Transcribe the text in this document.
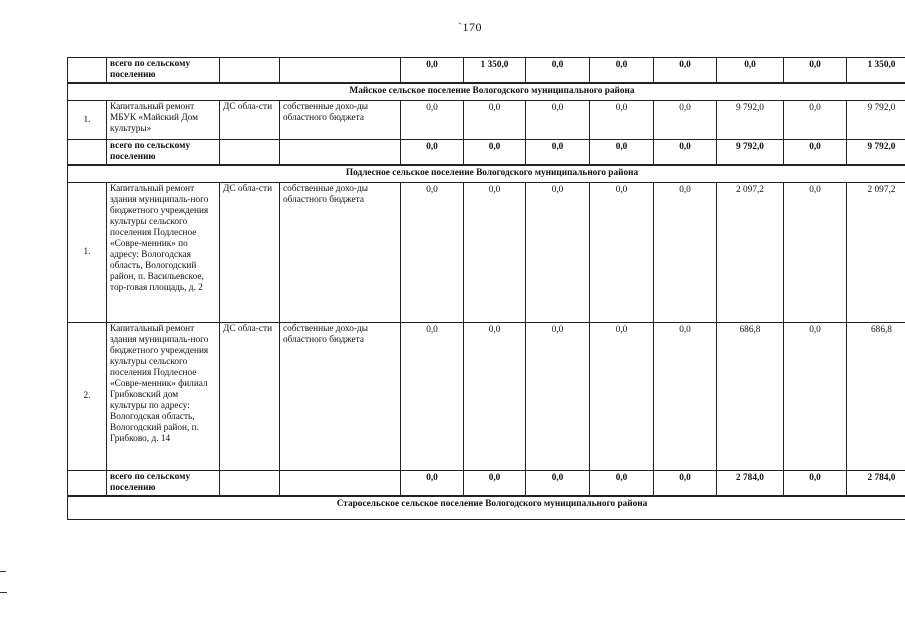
`170
	всего по сельскому поселению			0,0	1 350,0	0,0	0,0	0,0	0,0	0,0	1 350,0
Майское сельское поселение Вологодского муниципального района											
1.	Капитальный ремонт МБУК «Майский Дом культуры»	ДС обла-сти	собственные дохо-ды областного бюджета	0,0	0,0	0,0	0,0	0,0	9 792,0	0,0	9 792,0
	всего по сельскому поселению			0,0	0,0	0,0	0,0	0,0	9 792,0	0,0	9 792,0
Подлесное сельское поселение Вологодского муниципального района											
1.	Капитальный ремонт здания муниципаль-ного бюджетного учреждения культуры сельского поселения Подлесное «Совре-менник» по адресу: Вологодская область, Вологодский район, п. Васильевское, тор-говая площадь, д. 2	ДС обла-сти	собственные дохо-ды областного бюджета	0,0	0,0	0,0	0,0	0,0	2 097,2	0,0	2 097,2
2.	Капитальный ремонт здания муниципаль-ного бюджетного учреждения культуры сельского поселения Подлесное «Совре-менник» филиал Грибковский дом культуры по адресу: Вологодская область, Вологодский район, п. Грибково, д. 14	ДС обла-сти	собственные дохо-ды областного бюджета	0,0	0,0	0,0	0,0	0,0	686,8	0,0	686,8
	всего по сельскому поселению			0,0	0,0	0,0	0,0	0,0	2 784,0	0,0	2 784,0
Старосельское сельское поселение Вологодского муниципального района											
